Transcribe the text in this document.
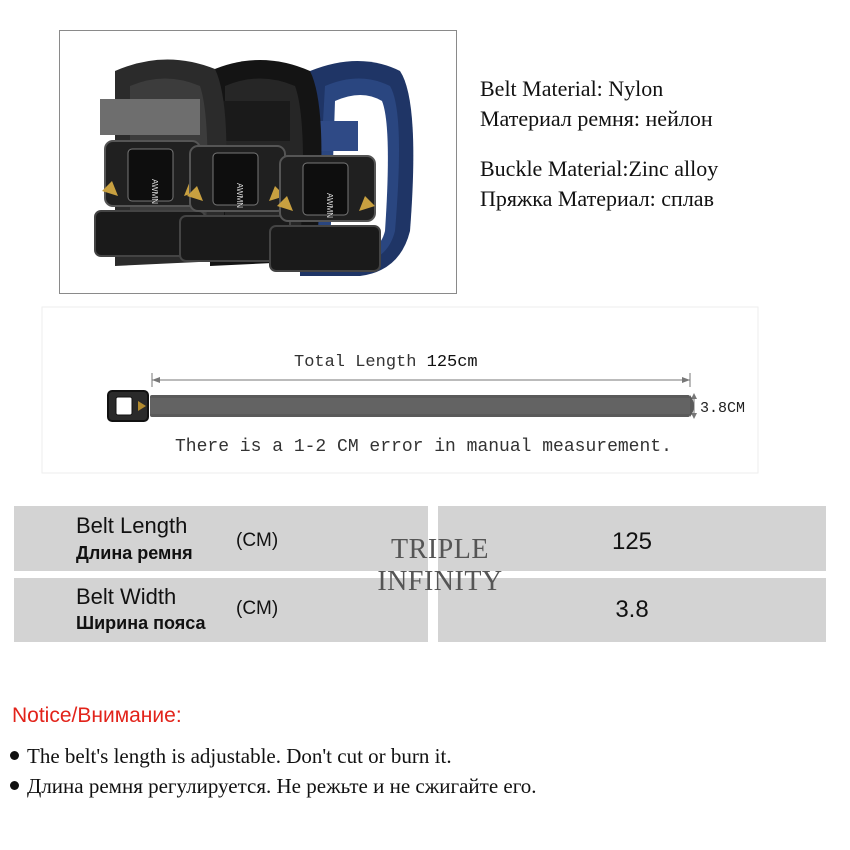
AWMN	AWMN	AWMN
Belt Material: Nylon
Материал ремня: нейлон
Buckle Material:Zinc alloy
Пряжка Материал: сплав
Total Length 125cm
3.8CM
There is a 1-2 CM error in manual measurement.
Belt Length
Длина ремня
(CM)	125
Belt Width
Ширина пояса
(CM)	3.8
TRIPLE
INFINITY
Notice/Внимание:
The belt's length is adjustable. Don't cut or burn it.
Длина ремня регулируется. Не режьте и не сжигайте его.
